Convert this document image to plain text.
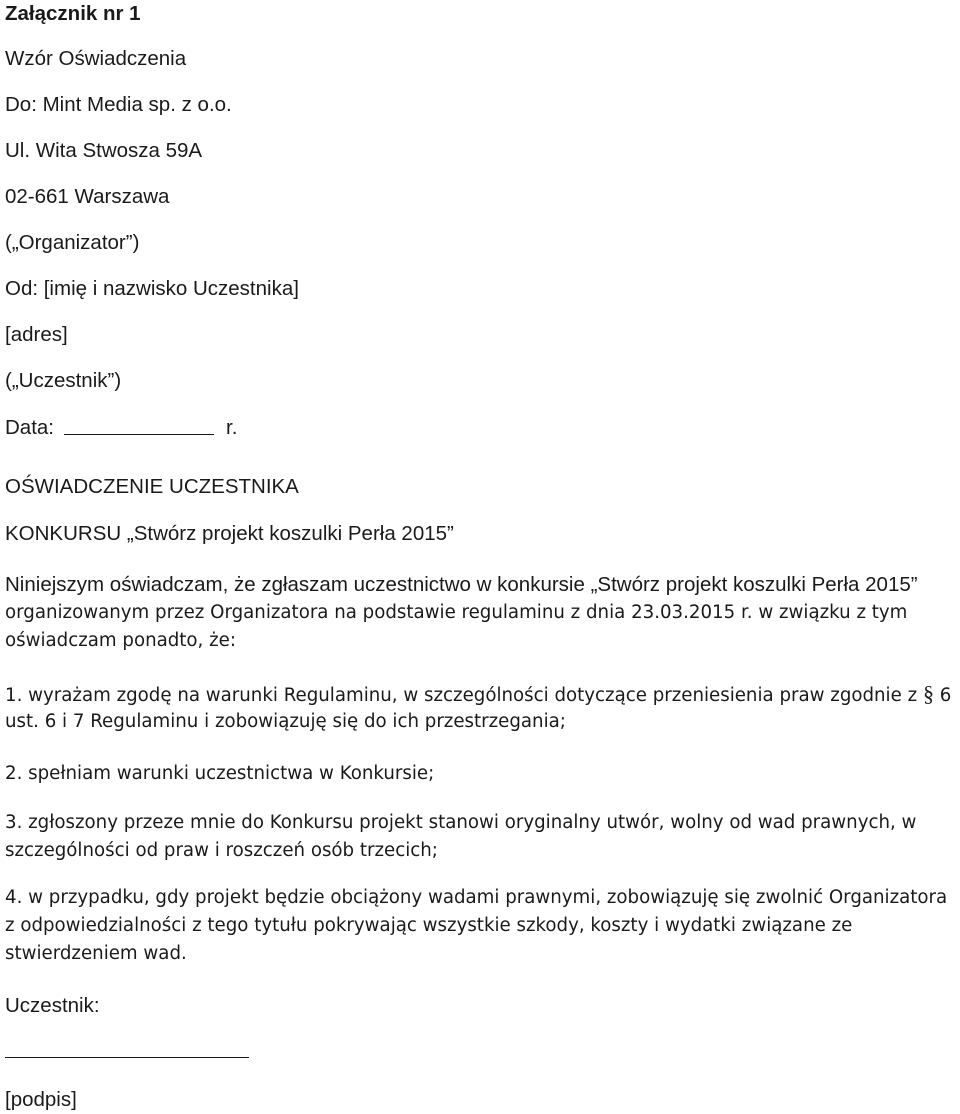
Załącznik nr 1

Wzór Oświadczenia

Do: Mint Media sp. z o.o.

Ul. Wita Stwosza 59A

02-661 Warszawa

(„Organizator”)

Od: [imię i nazwisko Uczestnika]

[adres]

(„Uczestnik”)

Data:	r.

OŚWIADCZENIE UCZESTNIKA

KONKURSU „Stwórz projekt koszulki Perła 2015”

Niniejszym oświadczam, że zgłaszam uczestnictwo w konkursie „Stwórz projekt koszulki Perła 2015”

organizowanym przez Organizatora na podstawie regulaminu z dnia 23.03.2015 r. w związku z tym

oświadczam ponadto, że:

1. wyrażam zgodę na warunki Regulaminu, w szczególności dotyczące przeniesienia praw zgodnie z § 6

ust. 6 i 7 Regulaminu i zobowiązuję się do ich przestrzegania;

2. spełniam warunki uczestnictwa w Konkursie;

3. zgłoszony przeze mnie do Konkursu projekt stanowi oryginalny utwór, wolny od wad prawnych, w

szczególności od praw i roszczeń osób trzecich;

4. w przypadku, gdy projekt będzie obciążony wadami prawnymi, zobowiązuję się zwolnić Organizatora

z odpowiedzialności z tego tytułu pokrywając wszystkie szkody, koszty i wydatki związane ze

stwierdzeniem wad.

Uczestnik:

[podpis]
